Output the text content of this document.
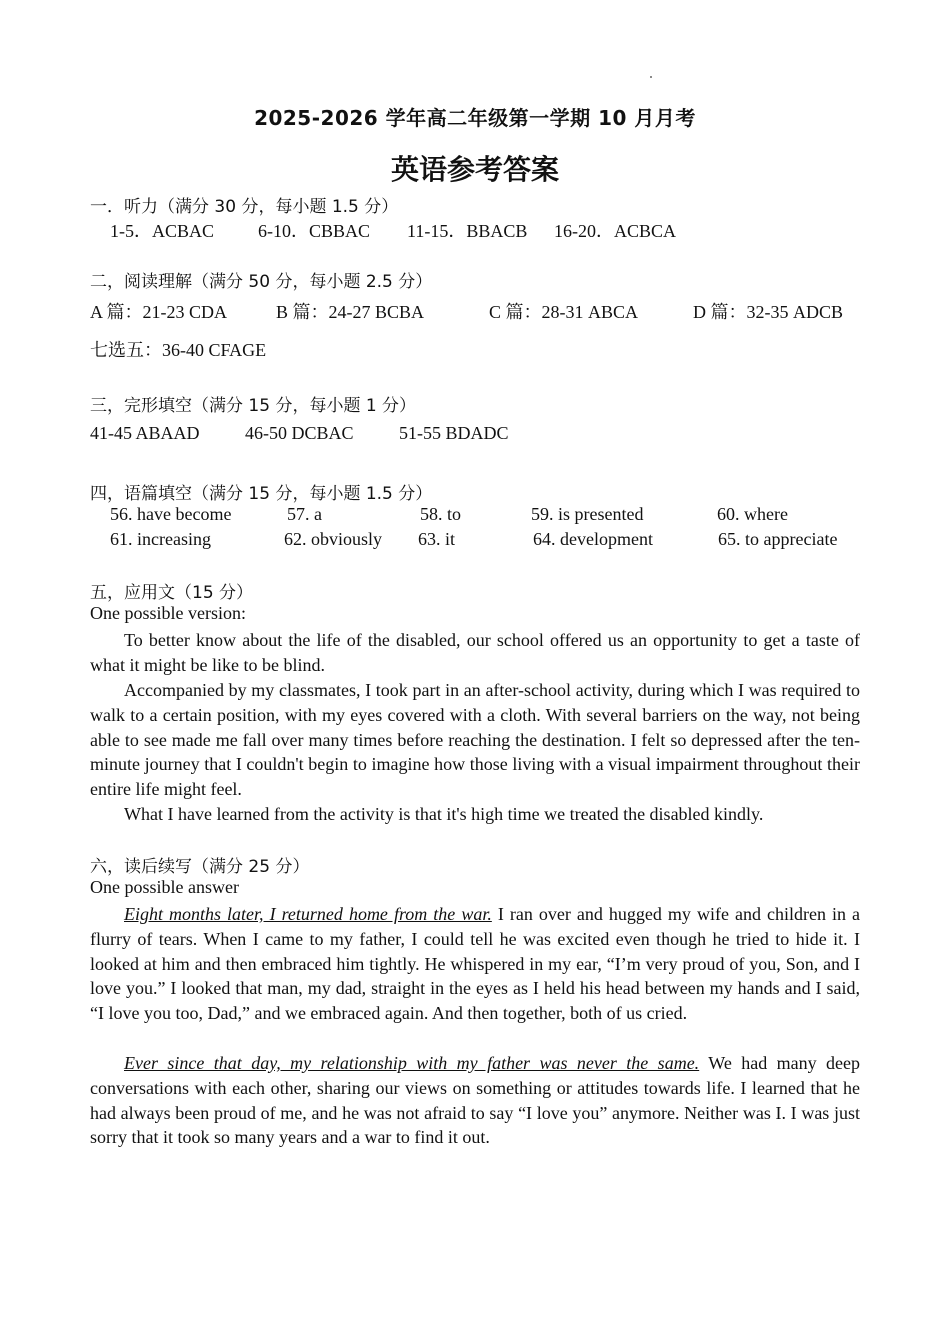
2025-2026 学年高二年级第一学期 10 月月考
英语参考答案
一．听力（满分 30 分，每小题 1.5 分）
1-5．ACBAC 6-10．CBBAC 11-15．BBACB 16-20．ACBCA
二，阅读理解（满分 50 分，每小题 2.5 分）
A 篇：21-23 CDA	B 篇：24-27 BCBA	C 篇：28-31 ABCA	D 篇：32-35 ADCB
七选五：36-40 CFAGE
三，完形填空（满分 15 分，每小题 1 分）
41-45 ABAAD	46-50 DCBAC	51-55 BDADC
四，语篇填空（满分 15 分，每小题 1.5 分）
56. have become	57. a	58. to	59. is presented	60. where
61. increasing	62. obviously 63. it	64. development	65. to appreciate
五，应用文（15 分）
One possible version:
To better know about the life of the disabled, our school offered us an opportunity to get a taste of what it might be like to be blind.
Accompanied by my classmates, I took part in an after-school activity, during which I was required to walk to a certain position, with my eyes covered with a cloth. With several barriers on the way, not being able to see made me fall over many times before reaching the destination. I felt so depressed after the ten-minute journey that I couldn't begin to imagine how those living with a visual impairment throughout their entire life might feel.
What I have learned from the activity is that it's high time we treated the disabled kindly.
六，读后续写（满分 25 分）
One possible answer
Eight months later, I returned home from the war. I ran over and hugged my wife and children in a flurry of tears. When I came to my father, I could tell he was excited even though he tried to hide it. I looked at him and then embraced him tightly. He whispered in my ear, “I’m very proud of you, Son, and I love you.” I looked that man, my dad, straight in the eyes as I held his head between my hands and I said, “I love you too, Dad,” and we embraced again. And then together, both of us cried.
Ever since that day, my relationship with my father was never the same. We had many deep conversations with each other, sharing our views on something or attitudes towards life. I learned that he had always been proud of me, and he was not afraid to say “I love you” anymore. Neither was I. I was just sorry that it took so many years and a war to find it out.
